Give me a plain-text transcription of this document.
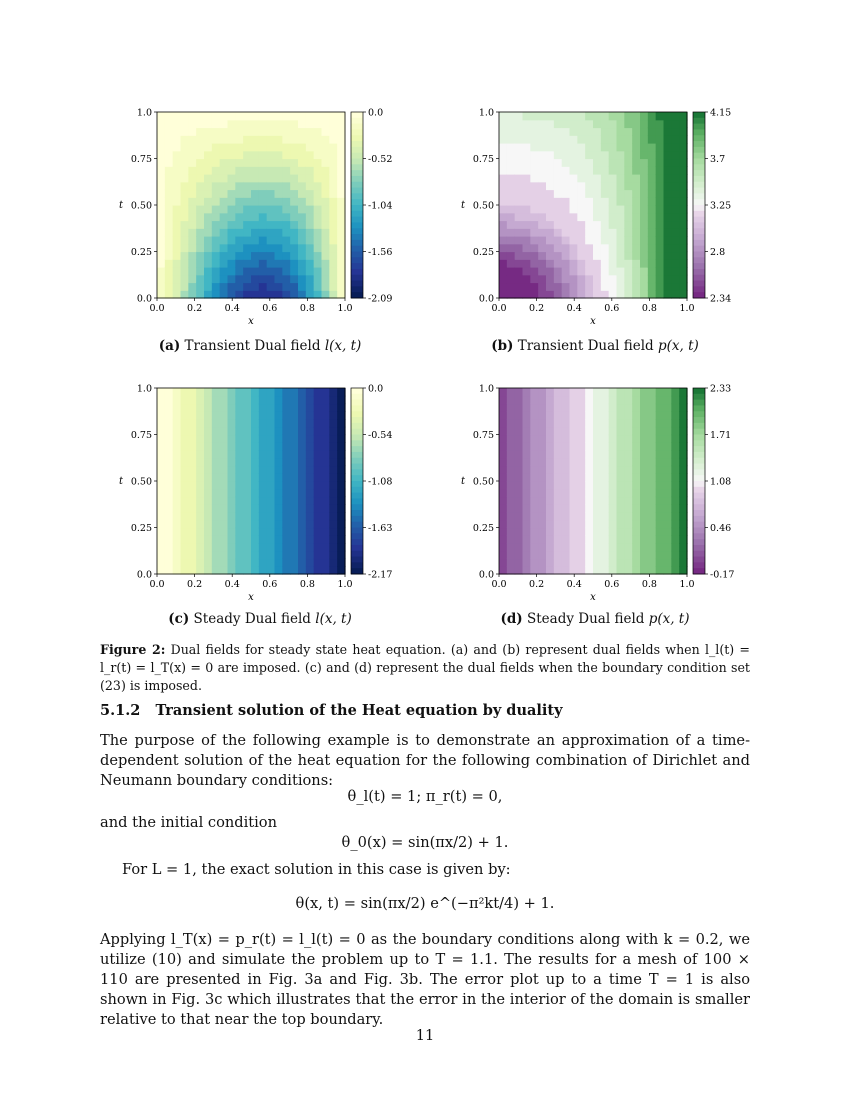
0.0 0.2 0.4 0.6 0.8 1.0
0.0
0.25
0.50
0.75
1.0
x
t
0.0
-0.52
-1.04
-1.56
-2.09
0.0 0.2 0.4 0.6 0.8 1.0
0.0
0.25
0.50
0.75
1.0
x
t
4.15
3.7
3.25
2.8
2.34
0.0 0.2 0.4 0.6 0.8 1.0
0.0
0.25
0.50
0.75
1.0
x
t
0.0
-0.54
-1.08
-1.63
-2.17
0.0 0.2 0.4 0.6 0.8 1.0
0.0
0.25
0.50
0.75
1.0
x
t
2.33
1.71
1.08
0.46
-0.17
(a) Transient Dual field l(x, t)	(b) Transient Dual field p(x, t)
(c) Steady Dual field l(x, t)	(d) Steady Dual field p(x, t)
Figure 2: Dual fields for steady state heat equation. (a) and (b) represent dual fields when l_l(t) = l_r(t) = l_T(x) = 0 are imposed. (c) and (d) represent the dual fields when the boundary condition set (23) is imposed.
5.1.2 Transient solution of the Heat equation by duality
The purpose of the following example is to demonstrate an approximation of a time-dependent solution of the heat equation for the following combination of Dirichlet and Neumann boundary conditions:
θ_l(t) = 1; π_r(t) = 0,
and the initial condition
θ_0(x) = sin(πx/2) + 1.
For L = 1, the exact solution in this case is given by:
θ(x, t) = sin(πx/2) e^(−π²kt/4) + 1.
Applying l_T(x) = p_r(t) = l_l(t) = 0 as the boundary conditions along with k = 0.2, we utilize (10) and simulate the problem up to T = 1.1. The results for a mesh of 100 × 110 are presented in Fig. 3a and Fig. 3b. The error plot up to a time T = 1 is also shown in Fig. 3c which illustrates that the error in the interior of the domain is smaller relative to that near the top boundary.
11
